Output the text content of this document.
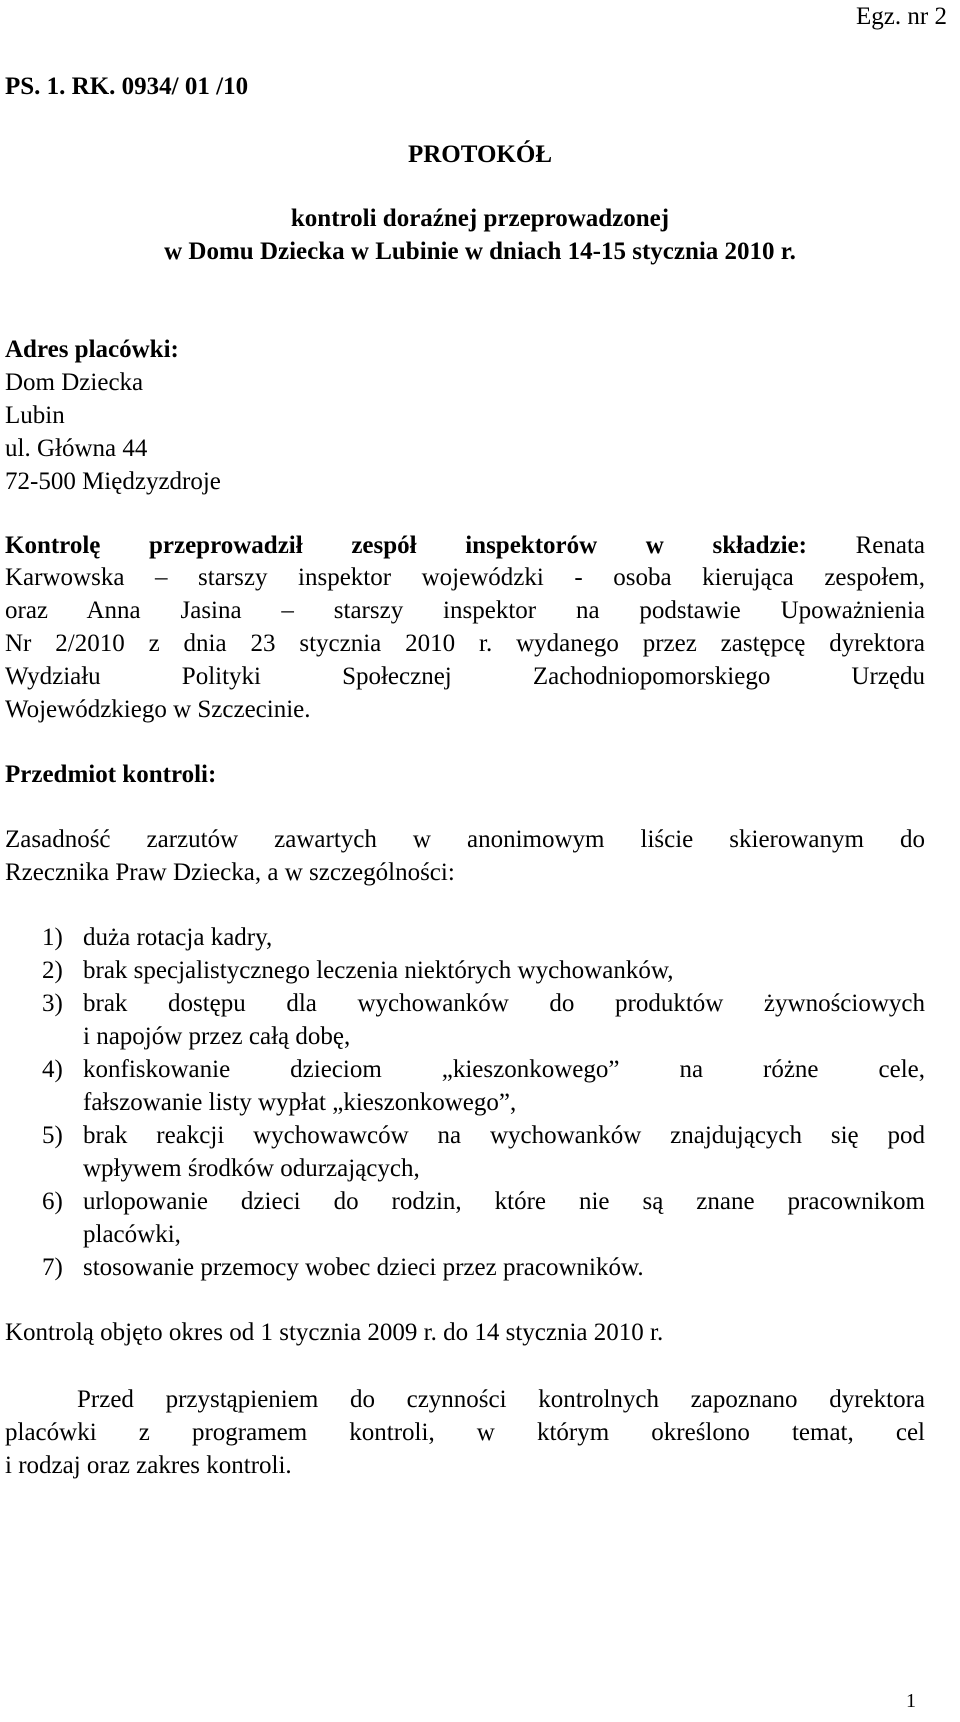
Egz. nr 2
PS. 1. RK. 0934/ 01 /10
PROTOKÓŁ
kontroli doraźnej przeprowadzonej
w Domu Dziecka w Lubinie w dniach 14-15 stycznia 2010 r.
Adres placówki:
Dom Dziecka
Lubin
ul. Główna 44
72-500 Międzyzdroje
Kontrolę przeprowadził zespół inspektorów w składzie: Renata
Karwowska – starszy inspektor wojewódzki - osoba kierująca zespołem,
oraz Anna Jasina – starszy inspektor na podstawie Upoważnienia
Nr 2/2010 z dnia 23 stycznia 2010 r. wydanego przez zastępcę dyrektora
Wydziału Polityki Społecznej Zachodniopomorskiego Urzędu
Wojewódzkiego w Szczecinie.
Przedmiot kontroli:
Zasadność zarzutów zawartych w anonimowym liście skierowanym do
Rzecznika Praw Dziecka, a w szczególności:
1) duża rotacja kadry,
2) brak specjalistycznego leczenia niektórych wychowanków,
3) brak dostępu dla wychowanków do produktów żywnościowych
i napojów przez całą dobę,
4) konfiskowanie dzieciom „kieszonkowego” na różne cele,
fałszowanie listy wypłat „kieszonkowego”,
5) brak reakcji wychowawców na wychowanków znajdujących się pod
wpływem środków odurzających,
6) urlopowanie dzieci do rodzin, które nie są znane pracownikom
placówki,
7) stosowanie przemocy wobec dzieci przez pracowników.
Kontrolą objęto okres od 1 stycznia 2009 r. do 14 stycznia 2010 r.
Przed przystąpieniem do czynności kontrolnych zapoznano dyrektora
placówki z programem kontroli, w którym określono temat, cel
i rodzaj oraz zakres kontroli.
1
